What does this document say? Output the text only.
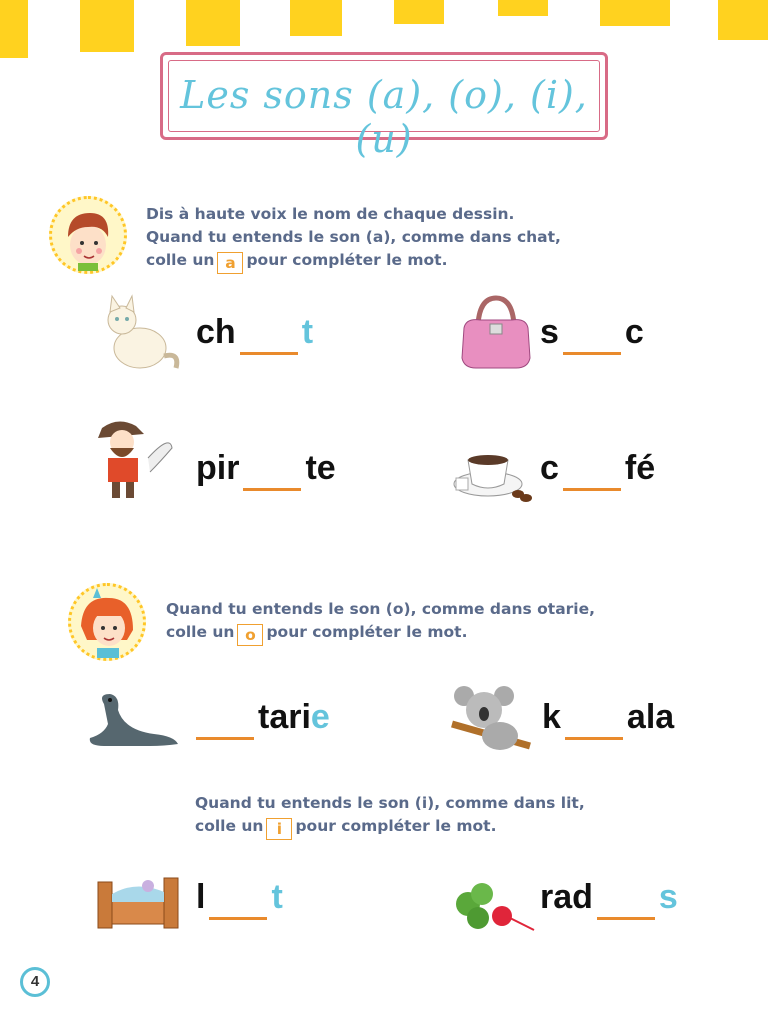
Les sons (a), (o), (i), (u)
Dis à haute voix le nom de chaque dessin.
Quand tu entends le son (a), comme dans chat,
colle un a pour compléter le mot.
ch t	s c
pir te	c fé
Quand tu entends le son (o), comme dans otarie,
colle un o pour compléter le mot.
tarie	k ala
Quand tu entends le son (i), comme dans lit,
colle un i pour compléter le mot.
l t	rad s
4
